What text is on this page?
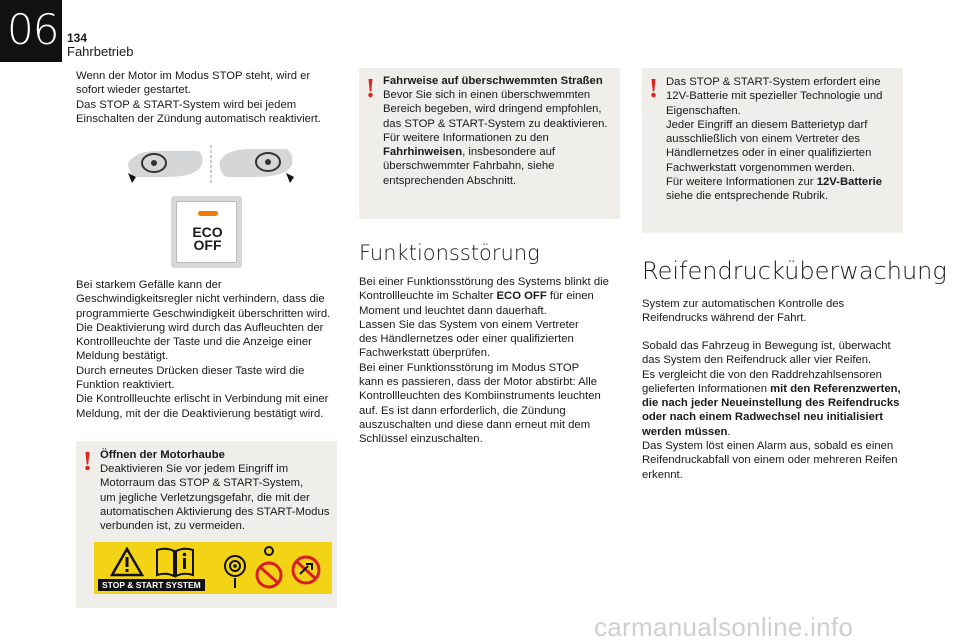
06 134
Fahrbetrieb
Wenn der Motor im Modus STOP steht, wird er
sofort wieder gestartet.
Das STOP & START-System wird bei jedem
Einschalten der Zündung automatisch reaktiviert.
ECO
OFF
Bei starkem Gefälle kann der
Geschwindigkeitsregler nicht verhindern, dass die
programmierte Geschwindigkeit überschritten wird.
Die Deaktivierung wird durch das Aufleuchten der
Kontrollleuchte der Taste und die Anzeige einer
Meldung bestätigt.
Durch erneutes Drücken dieser Taste wird die
Funktion reaktiviert.
Die Kontrollleuchte erlischt in Verbindung mit einer
Meldung, mit der die Deaktivierung bestätigt wird.
! Öffnen der Motorhaube
Deaktivieren Sie vor jedem Eingriff im
Motorraum das STOP & START-System,
um jegliche Verletzungsgefahr, die mit der
automatischen Aktivierung des START-Modus
verbunden ist, zu vermeiden.
STOP & START SYSTEM
! Fahrweise auf überschwemmten Straßen
Bevor Sie sich in einen überschwemmten
Bereich begeben, wird dringend empfohlen,
das STOP & START-System zu deaktivieren.
Für weitere Informationen zu den
Fahrhinweisen, insbesondere auf
überschwemmter Fahrbahn, siehe
entsprechenden Abschnitt.
Funktionsstörung
Bei einer Funktionsstörung des Systems blinkt die
Kontrollleuchte im Schalter ECO OFF für einen
Moment und leuchtet dann dauerhaft.
Lassen Sie das System von einem Vertreter
des Händlernetzes oder einer qualifizierten
Fachwerkstatt überprüfen.
Bei einer Funktionsstörung im Modus STOP
kann es passieren, dass der Motor abstirbt: Alle
Kontrollleuchten des Kombiinstruments leuchten
auf. Es ist dann erforderlich, die Zündung
auszuschalten und diese dann erneut mit dem
Schlüssel einzuschalten.
! Das STOP & START-System erfordert eine
12V-Batterie mit spezieller Technologie und
Eigenschaften.
Jeder Eingriff an diesem Batterietyp darf
ausschließlich von einem Vertreter des
Händlernetzes oder in einer qualifizierten
Fachwerkstatt vorgenommen werden.
Für weitere Informationen zur 12V-Batterie
siehe die entsprechende Rubrik.
Reifendrucküberwachung
System zur automatischen Kontrolle des
Reifendrucks während der Fahrt.
Sobald das Fahrzeug in Bewegung ist, überwacht
das System den Reifendruck aller vier Reifen.
Es vergleicht die von den Raddrehzahlsensoren
gelieferten Informationen mit den Referenzwerten,
die nach jeder Neueinstellung des Reifendrucks
oder nach einem Radwechsel neu initialisiert
werden müssen.
Das System löst einen Alarm aus, sobald es einen
Reifendruckabfall von einem oder mehreren Reifen
erkennt.
carmanualsonline.info
